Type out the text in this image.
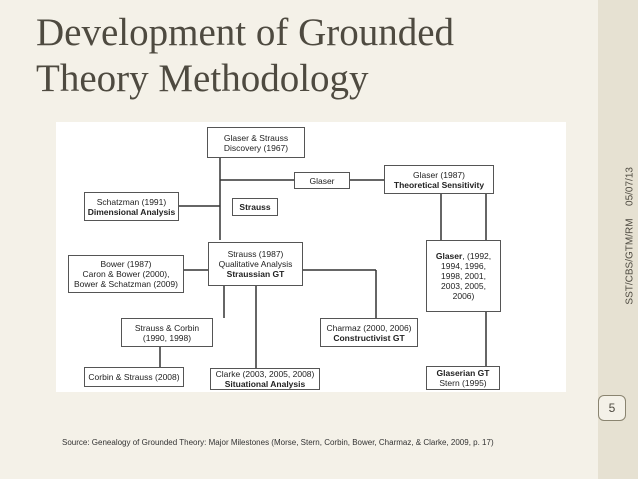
Development of Grounded
Theory Methodology
05/07/13
SST/CBS/GTM/RM
5
Glaser & Strauss
Discovery (1967)
Glaser
Glaser (1987)
Theoretical Sensitivity
Schatzman (1991)
Dimensional Analysis	Strauss
Bower (1987)
Caron & Bower (2000),
Bower & Schatzman (2009)
Strauss (1987)
Qualitative Analysis
Straussian GT
Glaser, (1992,
1994, 1996,
1998, 2001,
2003, 2005,
2006)
Strauss & Corbin
(1990, 1998)
Charmaz (2000, 2006)
Constructivist GT
Corbin & Strauss (2008)	Clarke (2003, 2005, 2008)
Situational Analysis
Glaserian GT
Stern (1995)
Source: Genealogy of Grounded Theory: Major Milestones (Morse, Stern, Corbin, Bower, Charmaz, & Clarke, 2009, p. 17)
